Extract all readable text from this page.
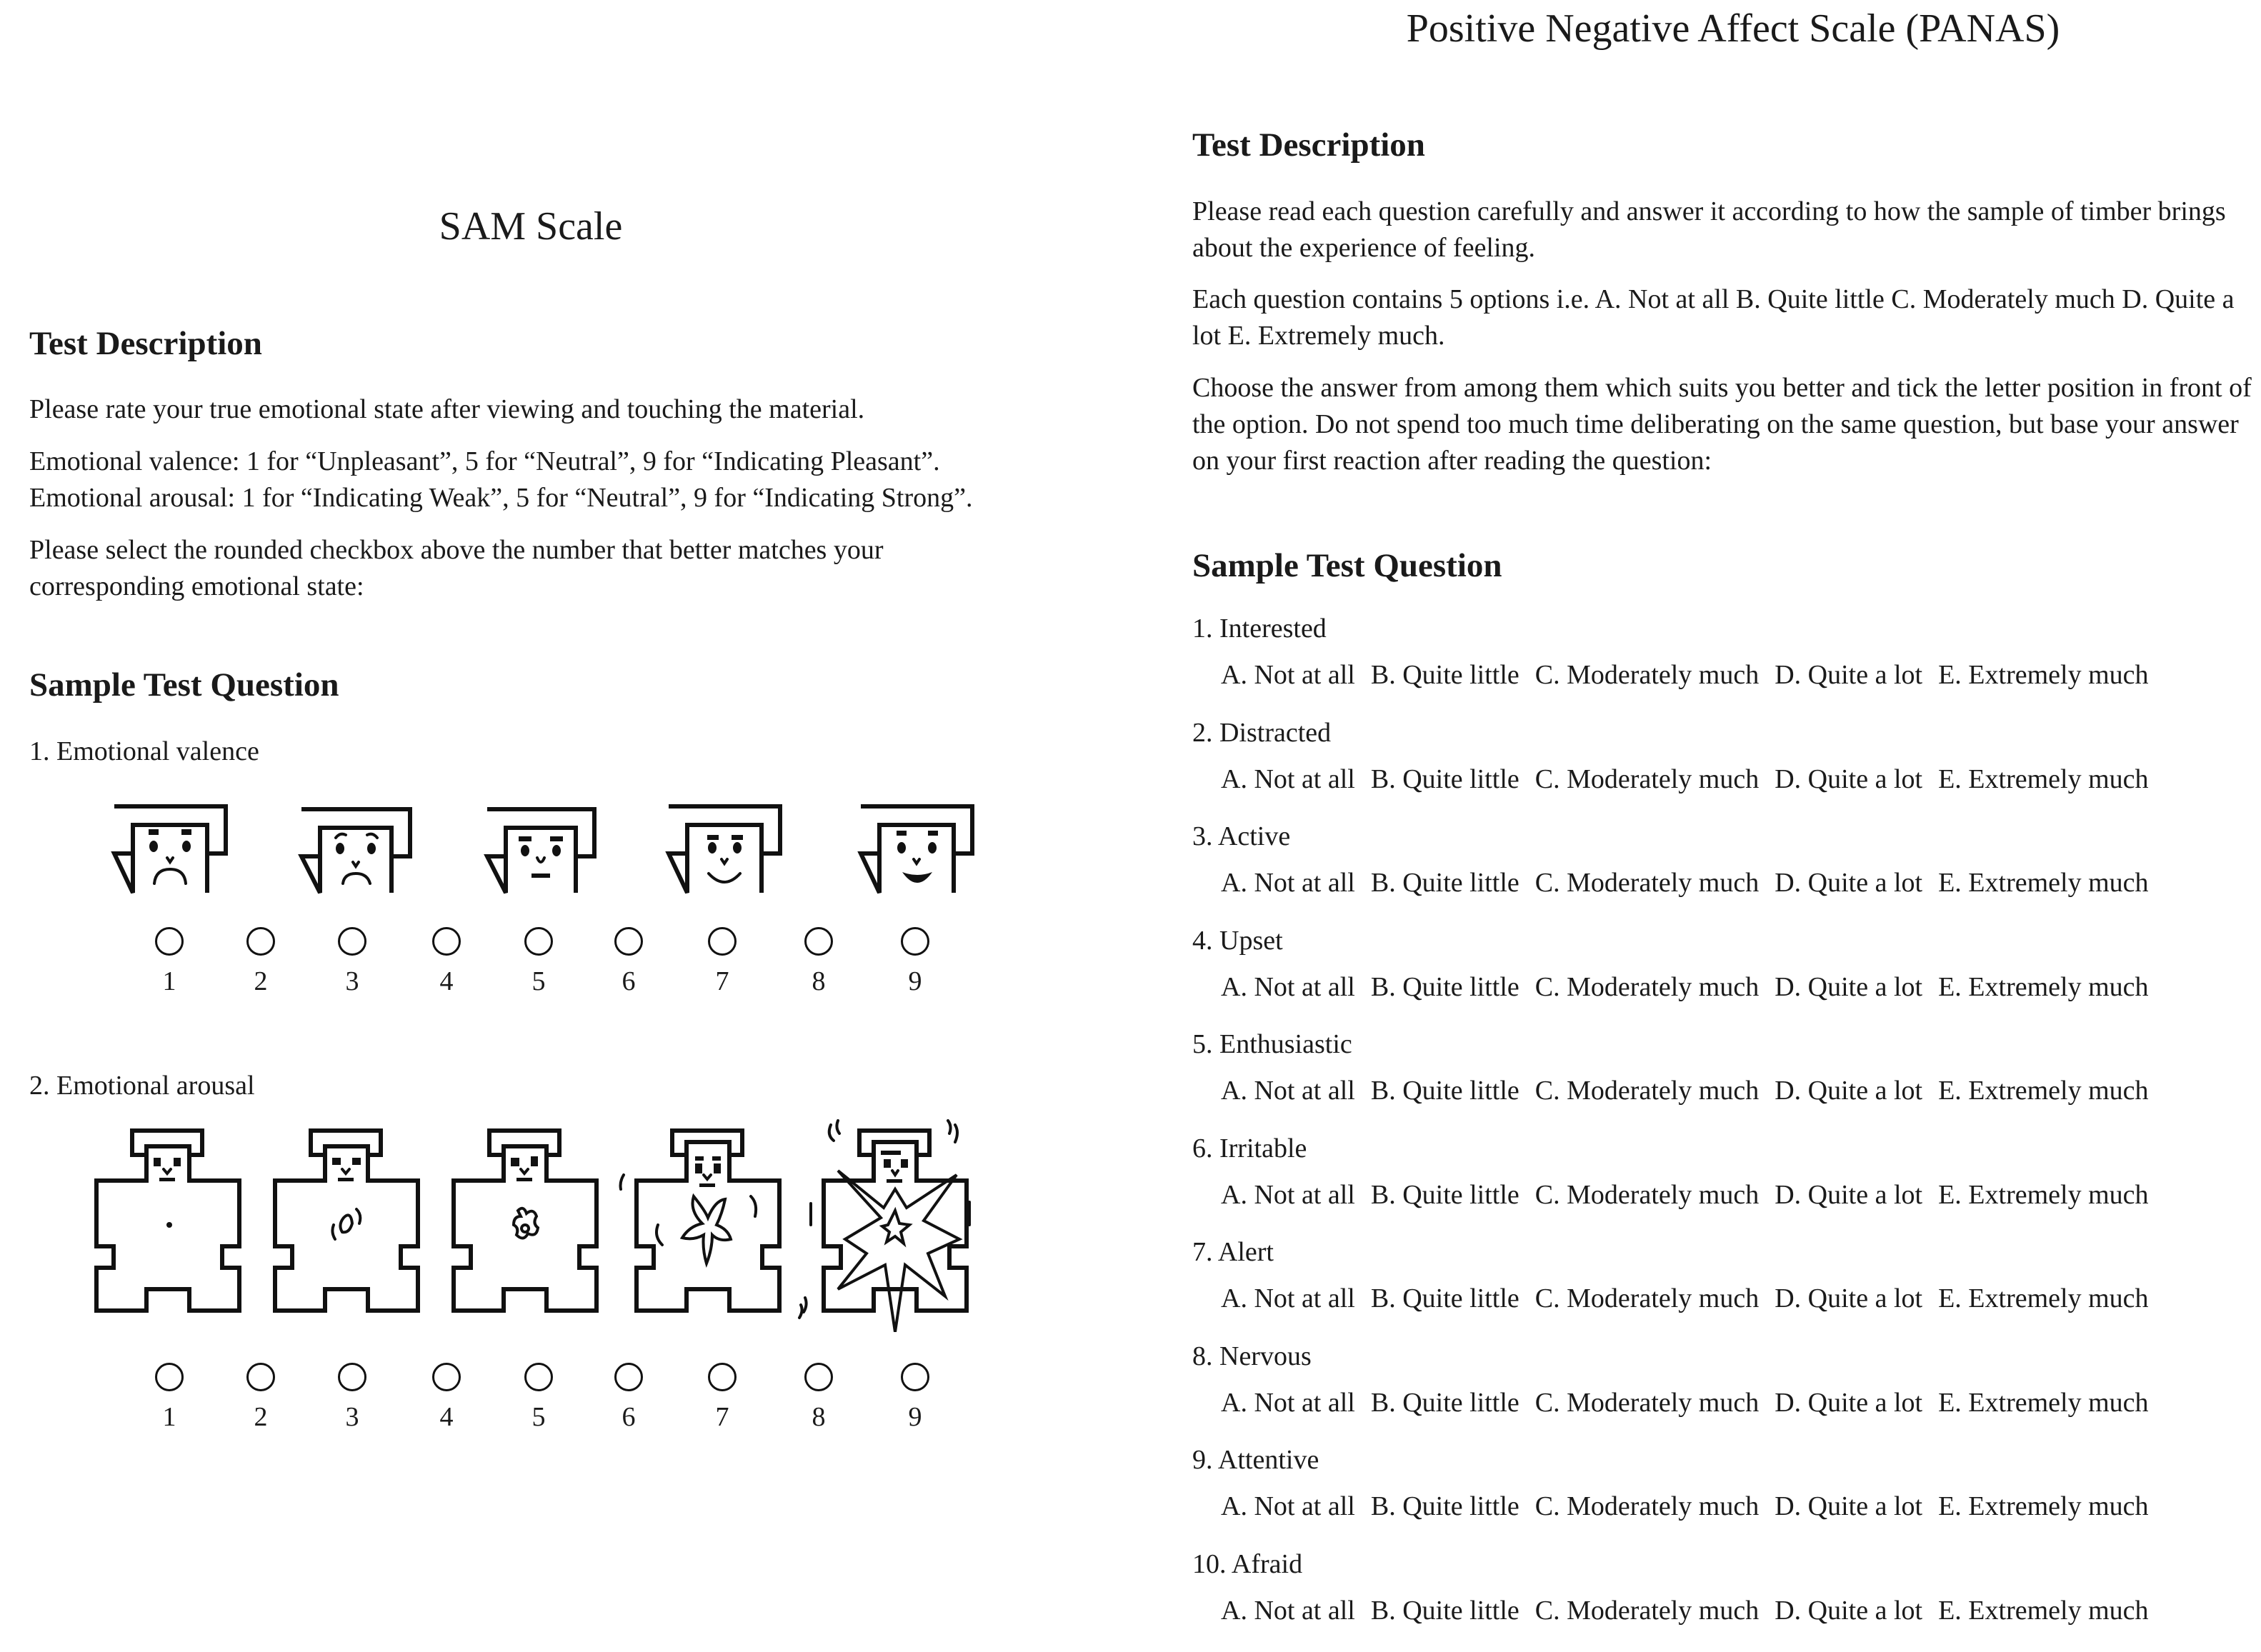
SAM Scale
Test Description
Please rate your true emotional state after viewing and touching the material.
Emotional valence: 1 for “Unpleasant”, 5 for “Neutral”, 9 for “Indicating Pleasant”.
Emotional arousal: 1 for “Indicating Weak”, 5 for “Neutral”, 9 for “Indicating Strong”.
Please select the rounded checkbox above the number that better matches your corresponding emotional state:
Sample Test Question
1. Emotional valence
1	2	3	4	5	6	7	8	9
2. Emotional arousal
1	2	3	4	5	6	7	8	9
Positive Negative Affect Scale (PANAS)
Test Description
Please read each question carefully and answer it according to how the sample of timber brings about the experience of feeling.
Each question contains 5 options i.e. A. Not at all B. Quite little C. Moderately much D. Quite a lot E. Extremely much.
Choose the answer from among them which suits you better and tick the letter position in front of the option. Do not spend too much time deliberating on the same question, but base your answer on your first reaction after reading the question:
Sample Test Question
1. Interested
A. Not at all B. Quite little C. Moderately much D. Quite a lot E. Extremely much
2. Distracted
A. Not at all B. Quite little C. Moderately much D. Quite a lot E. Extremely much
3. Active
A. Not at all B. Quite little C. Moderately much D. Quite a lot E. Extremely much
4. Upset
A. Not at all B. Quite little C. Moderately much D. Quite a lot E. Extremely much
5. Enthusiastic
A. Not at all B. Quite little C. Moderately much D. Quite a lot E. Extremely much
6. Irritable
A. Not at all B. Quite little C. Moderately much D. Quite a lot E. Extremely much
7. Alert
A. Not at all B. Quite little C. Moderately much D. Quite a lot E. Extremely much
8. Nervous
A. Not at all B. Quite little C. Moderately much D. Quite a lot E. Extremely much
9. Attentive
A. Not at all B. Quite little C. Moderately much D. Quite a lot E. Extremely much
10. Afraid
A. Not at all B. Quite little C. Moderately much D. Quite a lot E. Extremely much
